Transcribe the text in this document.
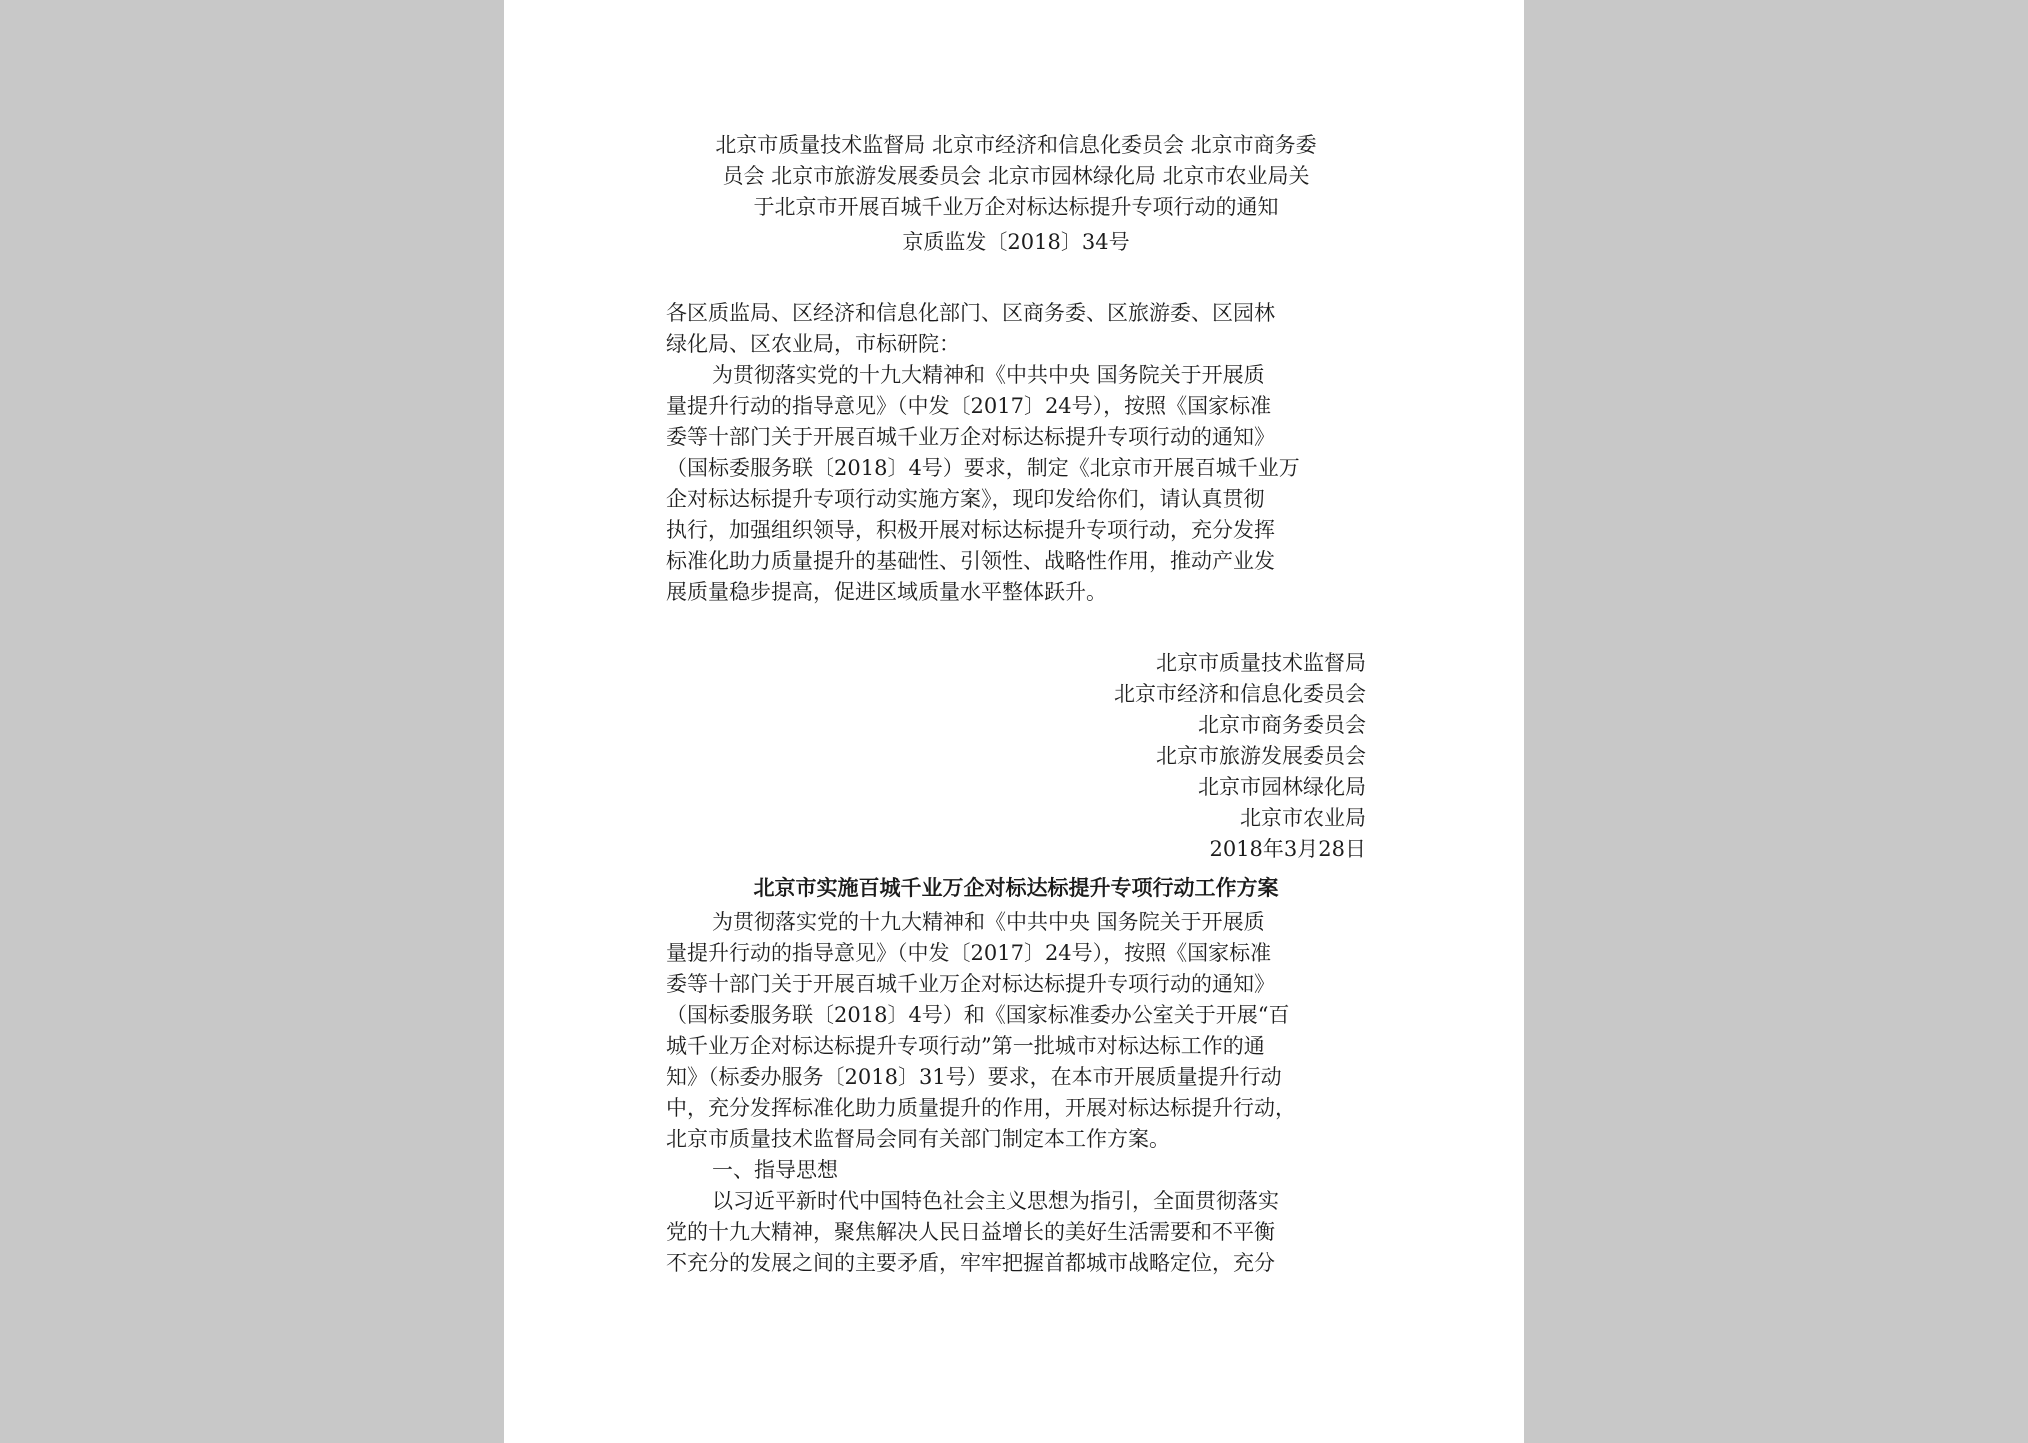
北京市质量技术监督局 北京市经济和信息化委员会 北京市商务委
员会 北京市旅游发展委员会 北京市园林绿化局 北京市农业局关
于北京市开展百城千业万企对标达标提升专项行动的通知
京质监发〔2018〕34号
各区质监局、区经济和信息化部门、区商务委、区旅游委、区园林
绿化局、区农业局，市标研院：
为贯彻落实党的十九大精神和《中共中央 国务院关于开展质
量提升行动的指导意见》（中发〔2017〕24号），按照《国家标准
委等十部门关于开展百城千业万企对标达标提升专项行动的通知》
（国标委服务联〔2018〕4号）要求，制定《北京市开展百城千业万
企对标达标提升专项行动实施方案》，现印发给你们，请认真贯彻
执行，加强组织领导，积极开展对标达标提升专项行动，充分发挥
标准化助力质量提升的基础性、引领性、战略性作用，推动产业发
展质量稳步提高，促进区域质量水平整体跃升。
北京市质量技术监督局
北京市经济和信息化委员会
北京市商务委员会
北京市旅游发展委员会
北京市园林绿化局
北京市农业局
2018年3月28日
北京市实施百城千业万企对标达标提升专项行动工作方案
为贯彻落实党的十九大精神和《中共中央 国务院关于开展质
量提升行动的指导意见》（中发〔2017〕24号），按照《国家标准
委等十部门关于开展百城千业万企对标达标提升专项行动的通知》
（国标委服务联〔2018〕4号）和《国家标准委办公室关于开展“百
城千业万企对标达标提升专项行动”第一批城市对标达标工作的通
知》（标委办服务〔2018〕31号）要求，在本市开展质量提升行动
中，充分发挥标准化助力质量提升的作用，开展对标达标提升行动，
北京市质量技术监督局会同有关部门制定本工作方案。
一、指导思想
以习近平新时代中国特色社会主义思想为指引，全面贯彻落实
党的十九大精神，聚焦解决人民日益增长的美好生活需要和不平衡
不充分的发展之间的主要矛盾，牢牢把握首都城市战略定位，充分
